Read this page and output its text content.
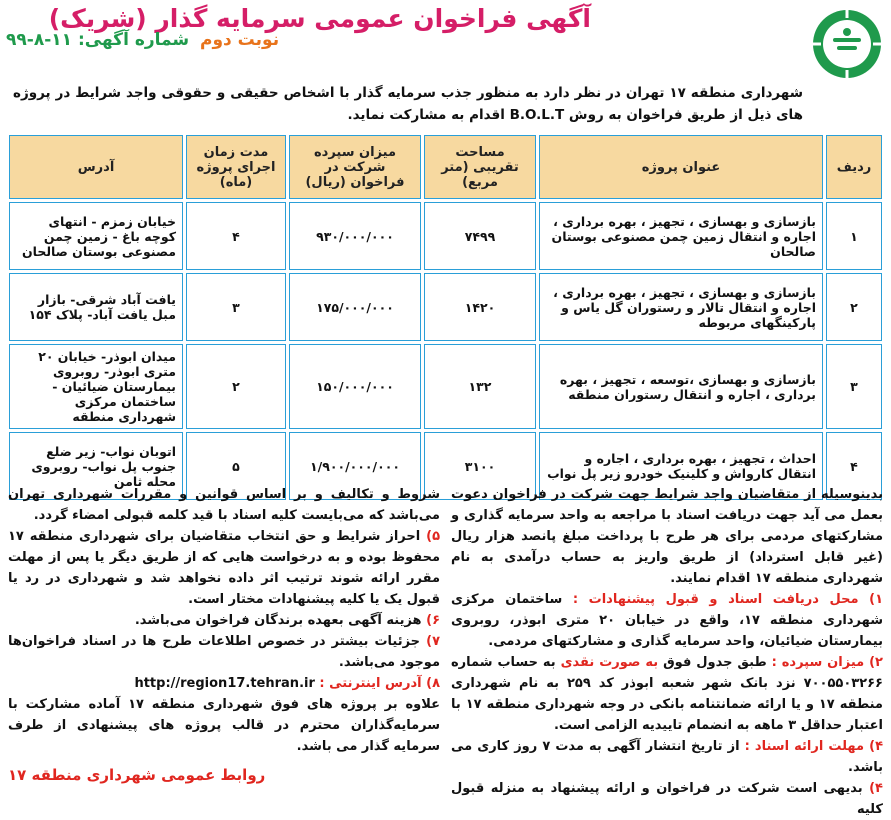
آگهی فراخوان عمومی سرمایه گذار (شریک)
نوبت دوم
شماره آگهی: ۱۱-۸-۹۹
شهرداری منطقه ۱۷ تهران در نظر دارد به منظور جذب سرمایه گذار با اشخاص حقیقی و حقوقی واجد شرایط در پروژه های ذیل از طریق فراخوان به روش B.O.L.T اقدام به مشارکت نماید.
ردیف	عنوان پروژه	مساحت تقریبی (متر مربع)	میزان سپرده شرکت در فراخوان (ریال)	مدت زمان اجرای پروژه (ماه)	آدرس
۱	بازسازی و بهسازی ، تجهیز ، بهره برداری ، اجاره و انتقال زمین چمن مصنوعی بوستان صالحان	۷۴۹۹	۹۳۰/۰۰۰/۰۰۰	۴	خیابان زمزم - انتهای کوچه باغ - زمین چمن مصنوعی بوستان صالحان
۲	بازسازی و بهسازی ، تجهیز ، بهره برداری ، اجاره و انتقال تالار و رستوران گل یاس و پارکینگهای مربوطه	۱۴۲۰	۱۷۵/۰۰۰/۰۰۰	۳	یافت آباد شرقی- بازار مبل یافت آباد- پلاک ۱۵۴
۳	بازسازی و بهسازی ،توسعه ، تجهیز ، بهره برداری ، اجاره و انتقال رستوران منطقه	۱۳۲	۱۵۰/۰۰۰/۰۰۰	۲	میدان ابوذر- خیابان ۲۰ متری ابوذر- روبروی بیمارستان ضیائیان - ساختمان مرکزی شهرداری منطقه
۴	احداث ، تجهیز ، بهره برداری ، اجاره و انتقال کارواش و کلینیک خودرو زیر پل نواب	۳۱۰۰	۱/۹۰۰/۰۰۰/۰۰۰	۵	اتوبان نواب- زیر ضلع جنوب پل نواب- روبروی محله ثامن

بدینوسیله از متقاضیان واجد شرایط جهت شرکت در فراخوان دعوت بعمل می آید جهت دریافت اسناد با مراجعه به واحد سرمایه گذاری و مشارکتهای مردمی برای هر طرح با پرداخت مبلغ پانصد هزار ریال (غیر قابل استرداد) از طریق واریز به حساب درآمدی به نام شهرداری منطقه ۱۷ اقدام نمایند.

۱) محل دریافت اسناد و قبول پیشنهادات : ساختمان مرکزی شهرداری منطقه ۱۷، واقع در خیابان ۲۰ متری ابوذر، روبروی بیمارستان ضیائیان، واحد سرمایه گذاری و مشارکتهای مردمی.

۲) میزان سپرده : طبق جدول فوق به صورت نقدی به حساب شماره ۷۰۰۵۵۰۳۲۶۶ نزد بانک شهر شعبه ابوذر کد ۲۵۹ به نام شهرداری منطقه ۱۷ و یا ارائه ضمانتنامه بانکی در وجه شهرداری منطقه ۱۷ با اعتبار حداقل ۳ ماهه به انضمام تاییدیه الزامی است.

۴) مهلت ارائه اسناد : از تاریخ انتشار آگهی به مدت ۷ روز کاری می باشد.

۴) بدیهی است شرکت در فراخوان و ارائه پیشنهاد به منزله قبول کلیه

شروط و تکالیف و بر اساس قوانین و مقررات شهرداری تهران می‌باشد که می‌بایست کلیه اسناد با قید کلمه قبولی امضاء گردد.

۵) احراز شرایط و حق انتخاب متقاضیان برای شهرداری منطقه ۱۷ محفوظ بوده و به درخواست هایی که از طریق دیگر یا پس از مهلت مقرر ارائه شوند ترتیب اثر داده نخواهد شد و شهرداری در رد یا قبول یک یا کلیه پیشنهادات مختار است.

۶) هزینه آگهی بعهده برندگان فراخوان می‌باشد.

۷) جزئیات بیشتر در خصوص اطلاعات طرح ها در اسناد فراخوان‌ها موجود می‌باشد.

۸) آدرس اینترنتی : http://region17.tehran.ir

علاوه بر پروژه های فوق شهرداری منطقه ۱۷ آماده مشارکت با سرمایه‌گذاران محترم در قالب پروژه های پیشنهادی از طرف سرمایه گذار می باشد.

روابط عمومی شهرداری منطقه ۱۷
